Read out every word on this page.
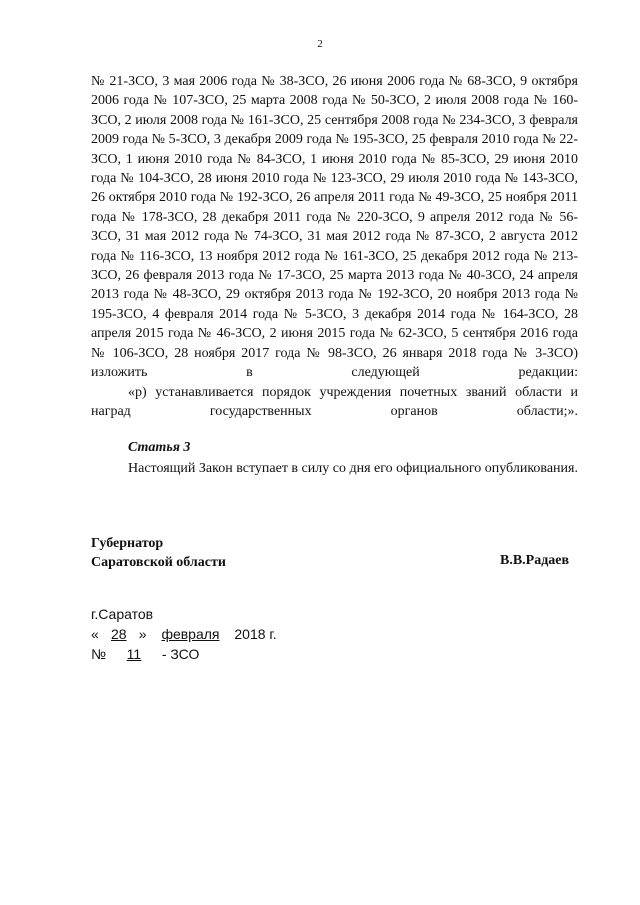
2

№ 21-ЗСО, 3 мая 2006 года № 38-ЗСО, 26 июня 2006 года № 68-ЗСО, 9 октября 2006 года № 107-ЗСО, 25 марта 2008 года № 50-ЗСО, 2 июля 2008 года № 160-ЗСО, 2 июля 2008 года № 161-ЗСО, 25 сентября 2008 года № 234-ЗСО, 3 февраля 2009 года № 5-ЗСО, 3 декабря 2009 года № 195-ЗСО, 25 февраля 2010 года № 22-ЗСО, 1 июня 2010 года № 84-ЗСО, 1 июня 2010 года № 85-ЗСО, 29 июня 2010 года № 104-ЗСО, 28 июня 2010 года № 123-ЗСО, 29 июля 2010 года № 143-ЗСО, 26 октября 2010 года № 192-ЗСО, 26 апреля 2011 года № 49-ЗСО, 25 ноября 2011 года № 178-ЗСО, 28 декабря 2011 года № 220-ЗСО, 9 апреля 2012 года № 56-ЗСО, 31 мая 2012 года № 74-ЗСО, 31 мая 2012 года № 87-ЗСО, 2 августа 2012 года № 116-ЗСО, 13 ноября 2012 года № 161-ЗСО, 25 декабря 2012 года № 213-ЗСО, 26 февраля 2013 года № 17-ЗСО, 25 марта 2013 года № 40-ЗСО, 24 апреля 2013 года № 48-ЗСО, 29 октября 2013 года № 192-ЗСО, 20 ноября 2013 года № 195-ЗСО, 4 февраля 2014 года № 5-ЗСО, 3 декабря 2014 года № 164-ЗСО, 28 апреля 2015 года № 46-ЗСО, 2 июня 2015 года № 62-ЗСО, 5 сентября 2016 года № 106-ЗСО, 28 ноября 2017 года № 98-ЗСО, 26 января 2018 года № 3-ЗСО) изложить в следующей редакции:

«р) устанавливается порядок учреждения почетных званий области и наград государственных органов области;».

Статья 3

Настоящий Закон вступает в силу со дня его официального опубликования.

Губернатор
Саратовской области	В.В.Радаев
г.Саратов
« 28 » февраля 2018 г.
№ 11 - ЗСО
